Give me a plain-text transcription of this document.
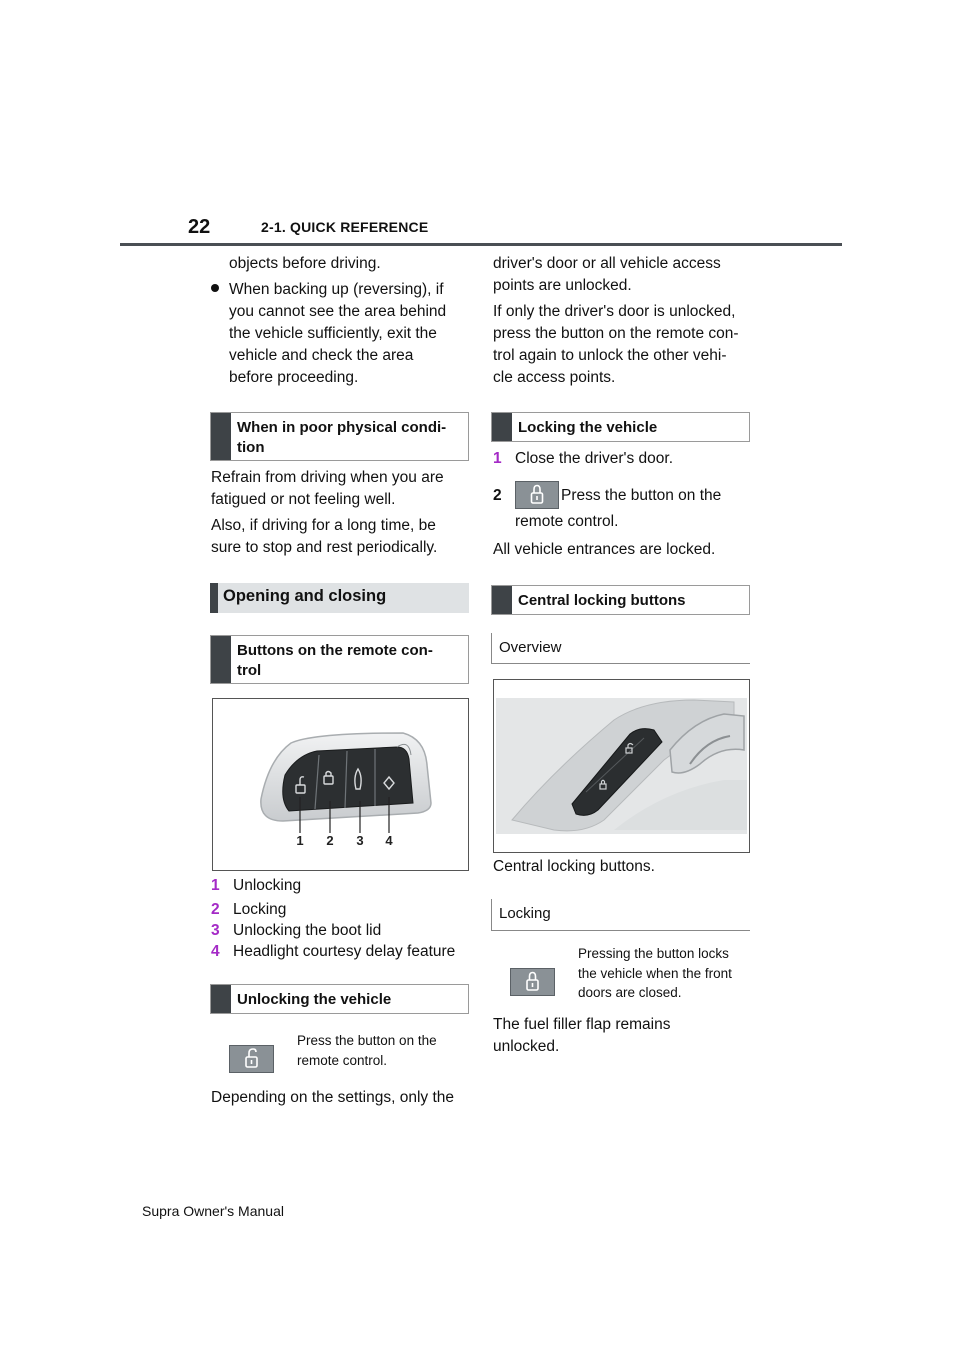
22	2-1. QUICK REFERENCE

objects before driving.

When backing up (reversing), if

you cannot see the area behind

the vehicle sufficiently, exit the

vehicle and check the area

before proceeding.

When in poor physical condi-
tion

Refrain from driving when you are

fatigued or not feeling well.

Also, if driving for a long time, be

sure to stop and rest periodically.

Opening and closing
Buttons on the remote con-
trol
1 2 3 4
1 Unlocking
2 Locking
3 Unlocking the boot lid
4 Headlight courtesy delay feature
Unlocking the vehicle
Press the button on the
remote control.

Depending on the settings, only the

driver's door or all vehicle access

points are unlocked.

If only the driver's door is unlocked,

press the button on the remote con-

trol again to unlock the other vehi-

cle access points.

Locking the vehicle
1 Close the driver's door.
2	Press the button on the

remote control.

All vehicle entrances are locked.

Central locking buttons
Overview

Central locking buttons.

Locking
Pressing the button locks
the vehicle when the front
doors are closed.

The fuel filler flap remains

unlocked.

Supra Owner's Manual
